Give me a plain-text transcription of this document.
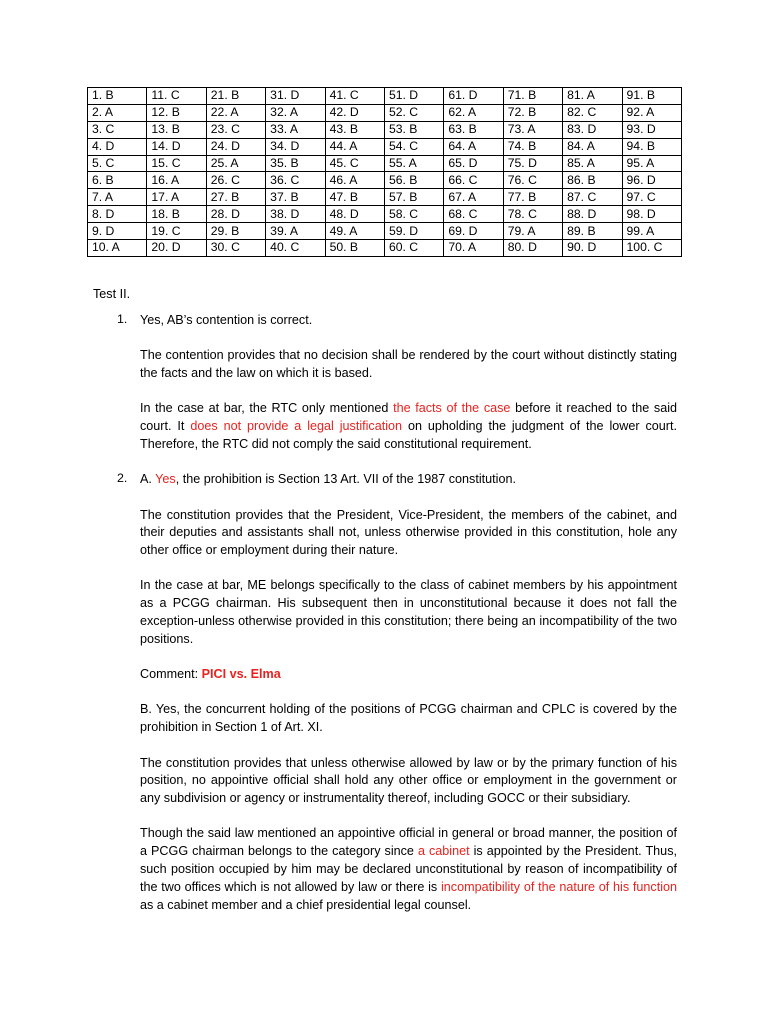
1. B	11. C	21. B	31. D	41. C	51. D	61. D	71. B	81. A	91. B
2. A	12. B	22. A	32. A	42. D	52. C	62. A	72. B	82. C	92. A
3. C	13. B	23. C	33. A	43. B	53. B	63. B	73. A	83. D	93. D
4. D	14. D	24. D	34. D	44. A	54. C	64. A	74. B	84. A	94. B
5. C	15. C	25. A	35. B	45. C	55. A	65. D	75. D	85. A	95. A
6. B	16. A	26. C	36. C	46. A	56. B	66. C	76. C	86. B	96. D
7. A	17. A	27. B	37. B	47. B	57. B	67. A	77. B	87. C	97. C
8. D	18. B	28. D	38. D	48. D	58. C	68. C	78. C	88. D	98. D
9. D	19. C	29. B	39. A	49. A	59. D	69. D	79. A	89. B	99. A
10. A	20. D	30. C	40. C	50. B	60. C	70. A	80. D	90. D	100. C
Test II.
1. Yes, AB’s contention is correct.
The contention provides that no decision shall be rendered by the court without distinctly stating the facts and the law on which it is based.
In the case at bar, the RTC only mentioned the facts of the case before it reached to the said court. It does not provide a legal justification on upholding the judgment of the lower court. Therefore, the RTC did not comply the said constitutional requirement.
2. A. Yes, the prohibition is Section 13 Art. VII of the 1987 constitution.
The constitution provides that the President, Vice-President, the members of the cabinet, and their deputies and assistants shall not, unless otherwise provided in this constitution, hole any other office or employment during their nature.
In the case at bar, ME belongs specifically to the class of cabinet members by his appointment as a PCGG chairman. His subsequent then in unconstitutional because it does not fall the exception-unless otherwise provided in this constitution; there being an incompatibility of the two positions.
Comment: PICI vs. Elma
B. Yes, the concurrent holding of the positions of PCGG chairman and CPLC is covered by the prohibition in Section 1 of Art. XI.
The constitution provides that unless otherwise allowed by law or by the primary function of his position, no appointive official shall hold any other office or employment in the government or any subdivision or agency or instrumentality thereof, including GOCC or their subsidiary.
Though the said law mentioned an appointive official in general or broad manner, the position of a PCGG chairman belongs to the category since a cabinet is appointed by the President. Thus, such position occupied by him may be declared unconstitutional by reason of incompatibility of the two offices which is not allowed by law or there is incompatibility of the nature of his function as a cabinet member and a chief presidential legal counsel.
